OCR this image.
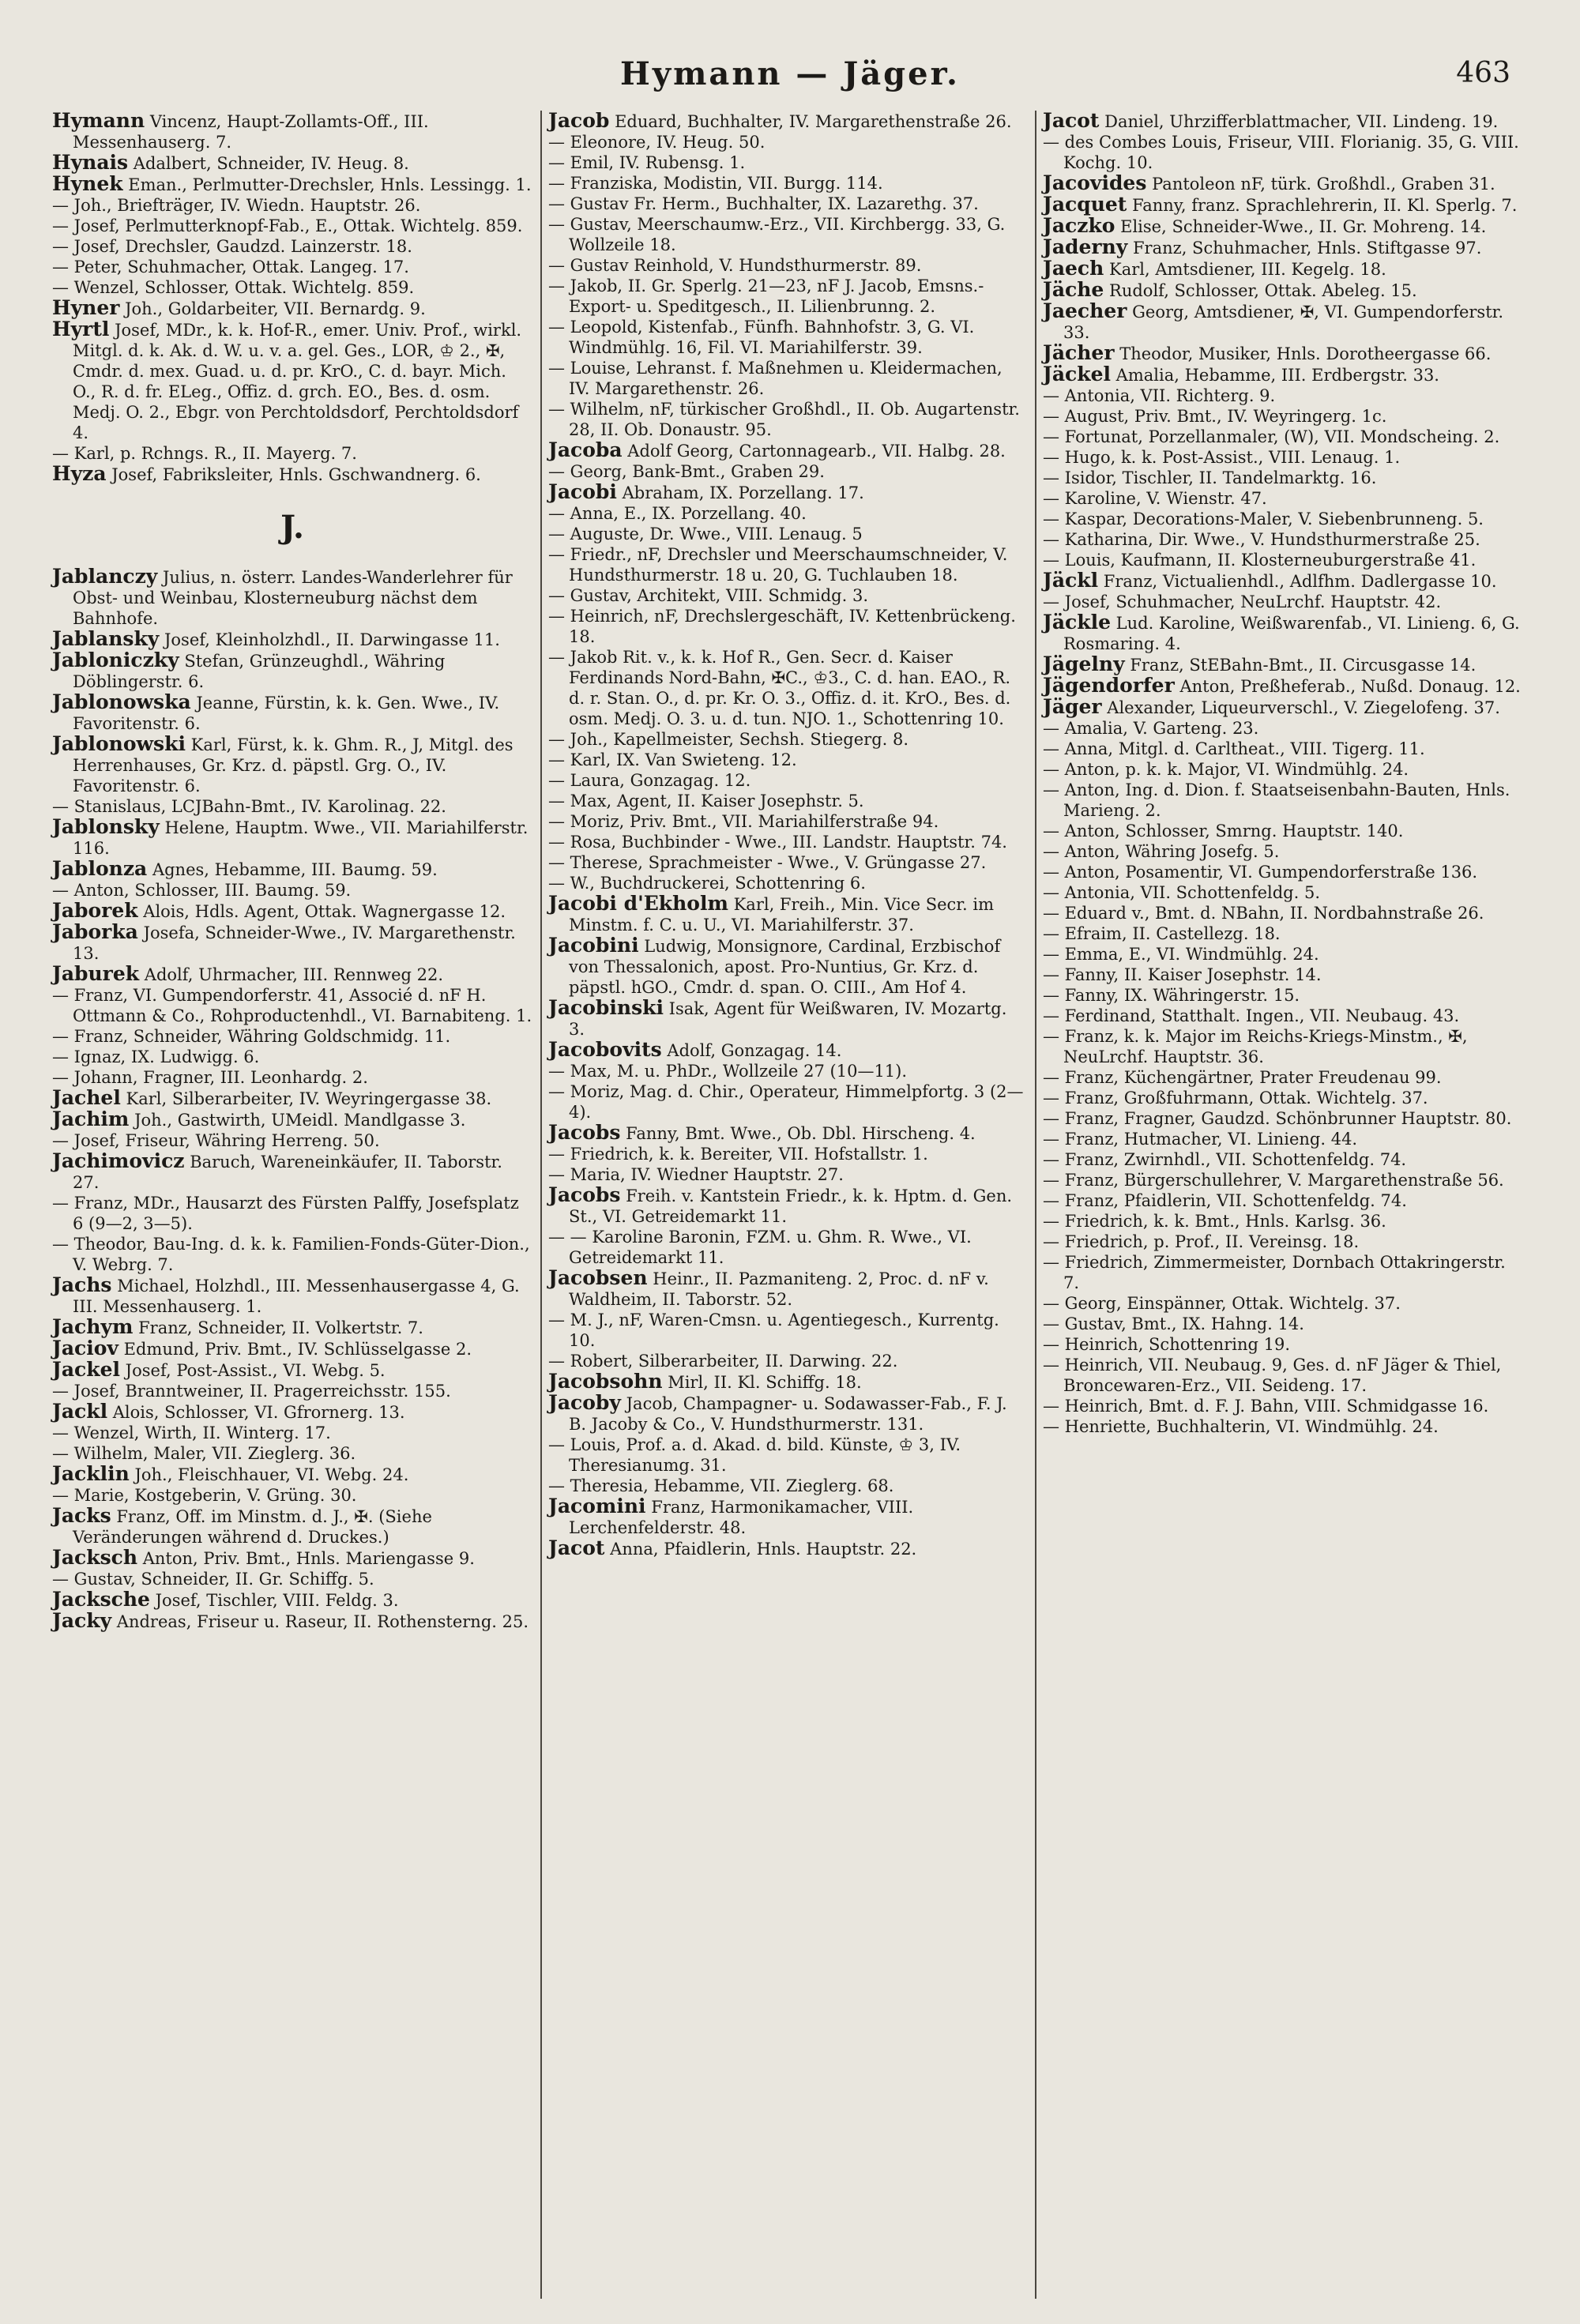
Hymann — Jäger.	463

Hymann Vincenz, Haupt-Zollamts-Off., III. Messenhauserg. 7.

Hynais Adalbert, Schneider, IV. Heug. 8.

Hynek Eman., Perlmutter-Drechsler, Hnls. Lessingg. 1.

— Joh., Briefträger, IV. Wiedn. Hauptstr. 26.

— Josef, Perlmutterknopf-Fab., E., Ottak. Wichtelg. 859.

— Josef, Drechsler, Gaudzd. Lainzerstr. 18.

— Peter, Schuhmacher, Ottak. Langeg. 17.

— Wenzel, Schlosser, Ottak. Wichtelg. 859.

Hyner Joh., Goldarbeiter, VII. Bernardg. 9.

Hyrtl Josef, MDr., k. k. Hof-R., emer. Univ. Prof., wirkl. Mitgl. d. k. Ak. d. W. u. v. a. gel. Ges., LOR, ♔ 2., ✠, Cmdr. d. mex. Guad. u. d. pr. KrO., C. d. bayr. Mich. O., R. d. fr. ELeg., Offiz. d. grch. EO., Bes. d. osm. Medj. O. 2., Ebgr. von Perchtoldsdorf, Perchtoldsdorf 4.

— Karl, p. Rchngs. R., II. Mayerg. 7.

Hyza Josef, Fabriksleiter, Hnls. Gschwandnerg. 6.

J.

Jablanczy Julius, n. österr. Landes-Wanderlehrer für Obst- und Weinbau, Klosterneuburg nächst dem Bahnhofe.

Jablansky Josef, Kleinholzhdl., II. Darwingasse 11.

Jabloniczky Stefan, Grünzeughdl., Währing Döblingerstr. 6.

Jablonowska Jeanne, Fürstin, k. k. Gen. Wwe., IV. Favoritenstr. 6.

Jablonowski Karl, Fürst, k. k. Ghm. R., J, Mitgl. des Herrenhauses, Gr. Krz. d. päpstl. Grg. O., IV. Favoritenstr. 6.

— Stanislaus, LCJBahn-Bmt., IV. Karolinag. 22.

Jablonsky Helene, Hauptm. Wwe., VII. Mariahilferstr. 116.

Jablonza Agnes, Hebamme, III. Baumg. 59.

— Anton, Schlosser, III. Baumg. 59.

Jaborek Alois, Hdls. Agent, Ottak. Wagnergasse 12.

Jaborka Josefa, Schneider-Wwe., IV. Margarethenstr. 13.

Jaburek Adolf, Uhrmacher, III. Rennweg 22.

— Franz, VI. Gumpendorferstr. 41, Associé d. nF H. Ottmann & Co., Rohproductenhdl., VI. Barnabiteng. 1.

— Franz, Schneider, Währing Goldschmidg. 11.

— Ignaz, IX. Ludwigg. 6.

— Johann, Fragner, III. Leonhardg. 2.

Jachel Karl, Silberarbeiter, IV. Weyringergasse 38.

Jachim Joh., Gastwirth, UMeidl. Mandlgasse 3.

— Josef, Friseur, Währing Herreng. 50.

Jachimovicz Baruch, Wareneinkäufer, II. Taborstr. 27.

— Franz, MDr., Hausarzt des Fürsten Palffy, Josefsplatz 6 (9—2, 3—5).

— Theodor, Bau-Ing. d. k. k. Familien-Fonds-Güter-Dion., V. Webrg. 7.

Jachs Michael, Holzhdl., III. Messenhausergasse 4, G. III. Messenhauserg. 1.

Jachym Franz, Schneider, II. Volkertstr. 7.

Jaciov Edmund, Priv. Bmt., IV. Schlüsselgasse 2.

Jackel Josef, Post-Assist., VI. Webg. 5.

— Josef, Branntweiner, II. Pragerreichsstr. 155.

Jackl Alois, Schlosser, VI. Gfrornerg. 13.

— Wenzel, Wirth, II. Winterg. 17.

— Wilhelm, Maler, VII. Zieglerg. 36.

Jacklin Joh., Fleischhauer, VI. Webg. 24.

— Marie, Kostgeberin, V. Grüng. 30.

Jacks Franz, Off. im Minstm. d. J., ✠. (Siehe Veränderungen während d. Druckes.)

Jacksch Anton, Priv. Bmt., Hnls. Mariengasse 9.

— Gustav, Schneider, II. Gr. Schiffg. 5.

Jacksche Josef, Tischler, VIII. Feldg. 3.

Jacky Andreas, Friseur u. Raseur, II. Rothensterng. 25.

Jacob Eduard, Buchhalter, IV. Margarethenstraße 26.

— Eleonore, IV. Heug. 50.

— Emil, IV. Rubensg. 1.

— Franziska, Modistin, VII. Burgg. 114.

— Gustav Fr. Herm., Buchhalter, IX. Lazarethg. 37.

— Gustav, Meerschaumw.-Erz., VII. Kirchbergg. 33, G. Wollzeile 18.

— Gustav Reinhold, V. Hundsthurmerstr. 89.

— Jakob, II. Gr. Sperlg. 21—23, nF J. Jacob, Emsns.- Export- u. Speditgesch., II. Lilienbrunng. 2.

— Leopold, Kistenfab., Fünfh. Bahnhofstr. 3, G. VI. Windmühlg. 16, Fil. VI. Mariahilferstr. 39.

— Louise, Lehranst. f. Maßnehmen u. Kleidermachen, IV. Margarethenstr. 26.

— Wilhelm, nF, türkischer Großhdl., II. Ob. Augartenstr. 28, II. Ob. Donaustr. 95.

Jacoba Adolf Georg, Cartonnagearb., VII. Halbg. 28.

— Georg, Bank-Bmt., Graben 29.

Jacobi Abraham, IX. Porzellang. 17.

— Anna, E., IX. Porzellang. 40.

— Auguste, Dr. Wwe., VIII. Lenaug. 5

— Friedr., nF, Drechsler und Meerschaumschneider, V. Hundsthurmerstr. 18 u. 20, G. Tuchlauben 18.

— Gustav, Architekt, VIII. Schmidg. 3.

— Heinrich, nF, Drechslergeschäft, IV. Kettenbrückeng. 18.

— Jakob Rit. v., k. k. Hof R., Gen. Secr. d. Kaiser Ferdinands Nord-Bahn, ✠C., ♔3., C. d. han. EAO., R. d. r. Stan. O., d. pr. Kr. O. 3., Offiz. d. it. KrO., Bes. d. osm. Medj. O. 3. u. d. tun. NJO. 1., Schottenring 10.

— Joh., Kapellmeister, Sechsh. Stiegerg. 8.

— Karl, IX. Van Swieteng. 12.

— Laura, Gonzagag. 12.

— Max, Agent, II. Kaiser Josephstr. 5.

— Moriz, Priv. Bmt., VII. Mariahilferstraße 94.

— Rosa, Buchbinder - Wwe., III. Landstr. Hauptstr. 74.

— Therese, Sprachmeister - Wwe., V. Grüngasse 27.

— W., Buchdruckerei, Schottenring 6.

Jacobi d'Ekholm Karl, Freih., Min. Vice Secr. im Minstm. f. C. u. U., VI. Mariahilferstr. 37.

Jacobini Ludwig, Monsignore, Cardinal, Erzbischof von Thessalonich, apost. Pro-Nuntius, Gr. Krz. d. päpstl. hGO., Cmdr. d. span. O. CIII., Am Hof 4.

Jacobinski Isak, Agent für Weißwaren, IV. Mozartg. 3.

Jacobovits Adolf, Gonzagag. 14.

— Max, M. u. PhDr., Wollzeile 27 (10—11).

— Moriz, Mag. d. Chir., Operateur, Himmelpfortg. 3 (2—4).

Jacobs Fanny, Bmt. Wwe., Ob. Dbl. Hirscheng. 4.

— Friedrich, k. k. Bereiter, VII. Hofstallstr. 1.

— Maria, IV. Wiedner Hauptstr. 27.

Jacobs Freih. v. Kantstein Friedr., k. k. Hptm. d. Gen. St., VI. Getreidemarkt 11.

— — Karoline Baronin, FZM. u. Ghm. R. Wwe., VI. Getreidemarkt 11.

Jacobsen Heinr., II. Pazmaniteng. 2, Proc. d. nF v. Waldheim, II. Taborstr. 52.

— M. J., nF, Waren-Cmsn. u. Agentiegesch., Kurrentg. 10.

— Robert, Silberarbeiter, II. Darwing. 22.

Jacobsohn Mirl, II. Kl. Schiffg. 18.

Jacoby Jacob, Champagner- u. Sodawasser-Fab., F. J. B. Jacoby & Co., V. Hundsthurmerstr. 131.

— Louis, Prof. a. d. Akad. d. bild. Künste, ♔ 3, IV. Theresianumg. 31.

— Theresia, Hebamme, VII. Zieglerg. 68.

Jacomini Franz, Harmonikamacher, VIII. Lerchenfelderstr. 48.

Jacot Anna, Pfaidlerin, Hnls. Hauptstr. 22.

Jacot Daniel, Uhrzifferblattmacher, VII. Lindeng. 19.

— des Combes Louis, Friseur, VIII. Florianig. 35, G. VIII. Kochg. 10.

Jacovides Pantoleon nF, türk. Großhdl., Graben 31.

Jacquet Fanny, franz. Sprachlehrerin, II. Kl. Sperlg. 7.

Jaczko Elise, Schneider-Wwe., II. Gr. Mohreng. 14.

Jaderny Franz, Schuhmacher, Hnls. Stiftgasse 97.

Jaech Karl, Amtsdiener, III. Kegelg. 18.

Jäche Rudolf, Schlosser, Ottak. Abeleg. 15.

Jaecher Georg, Amtsdiener, ✠, VI. Gumpendorferstr. 33.

Jächer Theodor, Musiker, Hnls. Dorotheergasse 66.

Jäckel Amalia, Hebamme, III. Erdbergstr. 33.

— Antonia, VII. Richterg. 9.

— August, Priv. Bmt., IV. Weyringerg. 1c.

— Fortunat, Porzellanmaler, (W), VII. Mondscheing. 2.

— Hugo, k. k. Post-Assist., VIII. Lenaug. 1.

— Isidor, Tischler, II. Tandelmarktg. 16.

— Karoline, V. Wienstr. 47.

— Kaspar, Decorations-Maler, V. Siebenbrunneng. 5.

— Katharina, Dir. Wwe., V. Hundsthurmerstraße 25.

— Louis, Kaufmann, II. Klosterneuburgerstraße 41.

Jäckl Franz, Victualienhdl., Adlfhm. Dadlergasse 10.

— Josef, Schuhmacher, NeuLrchf. Hauptstr. 42.

Jäckle Lud. Karoline, Weißwarenfab., VI. Linieng. 6, G. Rosmaring. 4.

Jägelny Franz, StEBahn-Bmt., II. Circusgasse 14.

Jägendorfer Anton, Preßheferab., Nußd. Donaug. 12.

Jäger Alexander, Liqueurverschl., V. Ziegelofeng. 37.

— Amalia, V. Garteng. 23.

— Anna, Mitgl. d. Carltheat., VIII. Tigerg. 11.

— Anton, p. k. k. Major, VI. Windmühlg. 24.

— Anton, Ing. d. Dion. f. Staatseisenbahn-Bauten, Hnls. Marieng. 2.

— Anton, Schlosser, Smrng. Hauptstr. 140.

— Anton, Währing Josefg. 5.

— Anton, Posamentir, VI. Gumpendorferstraße 136.

— Antonia, VII. Schottenfeldg. 5.

— Eduard v., Bmt. d. NBahn, II. Nordbahnstraße 26.

— Efraim, II. Castellezg. 18.

— Emma, E., VI. Windmühlg. 24.

— Fanny, II. Kaiser Josephstr. 14.

— Fanny, IX. Währingerstr. 15.

— Ferdinand, Statthalt. Ingen., VII. Neubaug. 43.

— Franz, k. k. Major im Reichs-Kriegs-Minstm., ✠, NeuLrchf. Hauptstr. 36.

— Franz, Küchengärtner, Prater Freudenau 99.

— Franz, Großfuhrmann, Ottak. Wichtelg. 37.

— Franz, Fragner, Gaudzd. Schönbrunner Hauptstr. 80.

— Franz, Hutmacher, VI. Linieng. 44.

— Franz, Zwirnhdl., VII. Schottenfeldg. 74.

— Franz, Bürgerschullehrer, V. Margarethenstraße 56.

— Franz, Pfaidlerin, VII. Schottenfeldg. 74.

— Friedrich, k. k. Bmt., Hnls. Karlsg. 36.

— Friedrich, p. Prof., II. Vereinsg. 18.

— Friedrich, Zimmermeister, Dornbach Ottakringerstr. 7.

— Georg, Einspänner, Ottak. Wichtelg. 37.

— Gustav, Bmt., IX. Hahng. 14.

— Heinrich, Schottenring 19.

— Heinrich, VII. Neubaug. 9, Ges. d. nF Jäger & Thiel, Broncewaren-Erz., VII. Seideng. 17.

— Heinrich, Bmt. d. F. J. Bahn, VIII. Schmidgasse 16.

— Henriette, Buchhalterin, VI. Windmühlg. 24.
